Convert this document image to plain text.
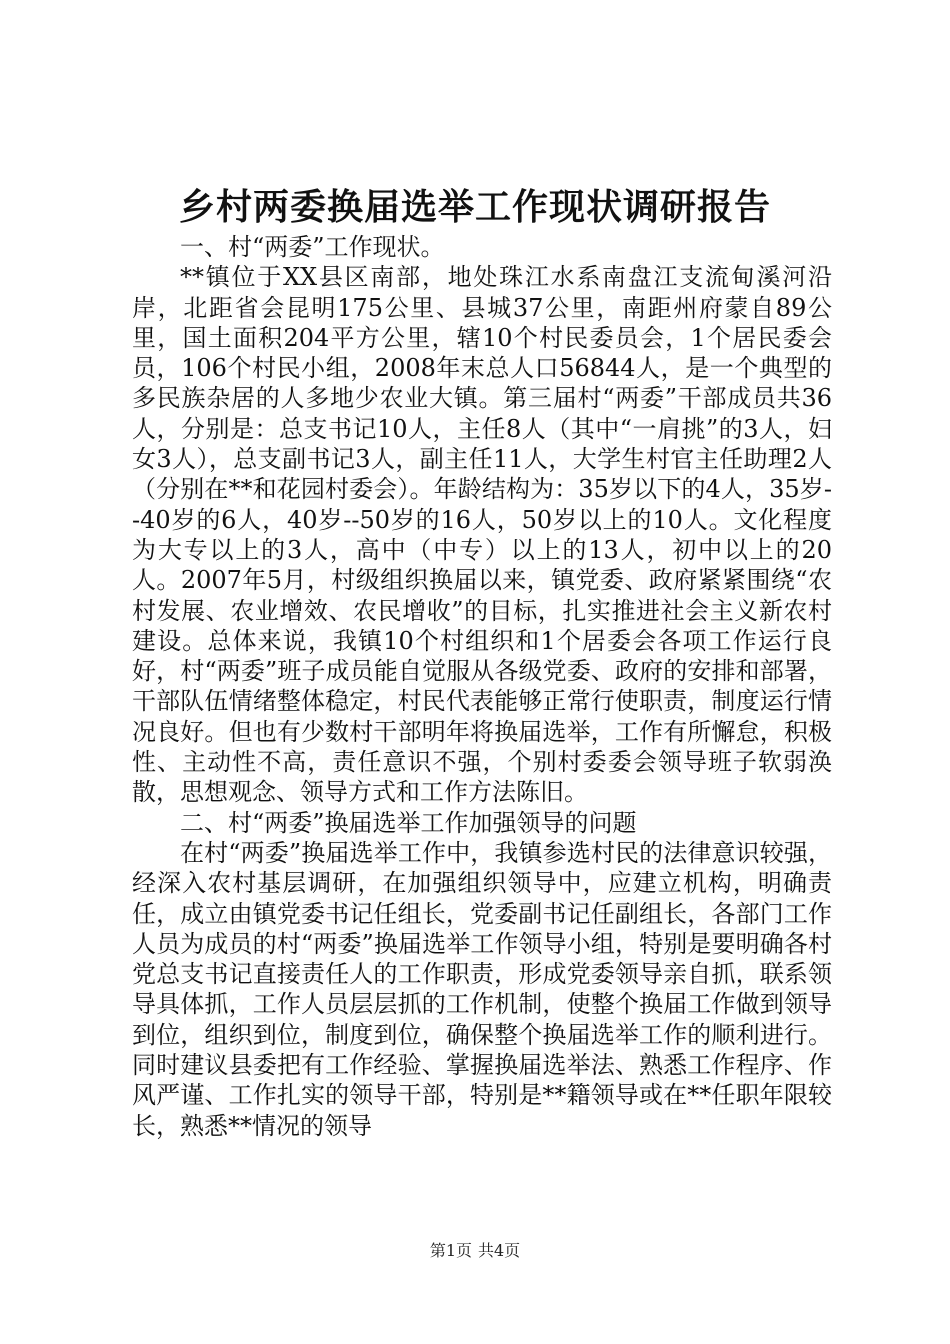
乡村两委换届选举工作现状调研报告

一、村“两委”工作现状。

**镇位于XX县区南部，地处珠江水系南盘江支流甸溪河沿岸，北距省会昆明175公里、县城37公里，南距州府蒙自89公里，国土面积204平方公里，辖10个村民委员会，1个居民委会员，106个村民小组，2008年末总人口56844人，是一个典型的多民族杂居的人多地少农业大镇。第三届村“两委”干部成员共36人，分别是：总支书记10人，主任8人（其中“一肩挑”的3人，妇女3人），总支副书记3人，副主任11人，大学生村官主任助理2人（分别在**和花园村委会）。年龄结构为：35岁以下的4人，35岁--40岁的6人，40岁--50岁的16人，50岁以上的10人。文化程度为大专以上的3人，高中（中专）以上的13人，初中以上的20人。2007年5月，村级组织换届以来，镇党委、政府紧紧围绕“农村发展、农业增效、农民增收”的目标，扎实推进社会主义新农村建设。总体来说，我镇10个村组织和1个居委会各项工作运行良好，村“两委”班子成员能自觉服从各级党委、政府的安排和部署，干部队伍情绪整体稳定，村民代表能够正常行使职责，制度运行情况良好。但也有少数村干部明年将换届选举，工作有所懈怠，积极性、主动性不高，责任意识不强，个别村委委会领导班子软弱涣散，思想观念、领导方式和工作方法陈旧。

二、村“两委”换届选举工作加强领导的问题

在村“两委”换届选举工作中，我镇参选村民的法律意识较强，经深入农村基层调研，在加强组织领导中，应建立机构，明确责任，成立由镇党委书记任组长，党委副书记任副组长，各部门工作人员为成员的村“两委”换届选举工作领导小组，特别是要明确各村党总支书记直接责任人的工作职责，形成党委领导亲自抓，联系领导具体抓，工作人员层层抓的工作机制，使整个换届工作做到领导到位，组织到位，制度到位，确保整个换届选举工作的顺利进行。同时建议县委把有工作经验、掌握换届选举法、熟悉工作程序、作风严谨、工作扎实的领导干部，特别是**籍领导或在**任职年限较长，熟悉**情况的领导

第1页 共4页
